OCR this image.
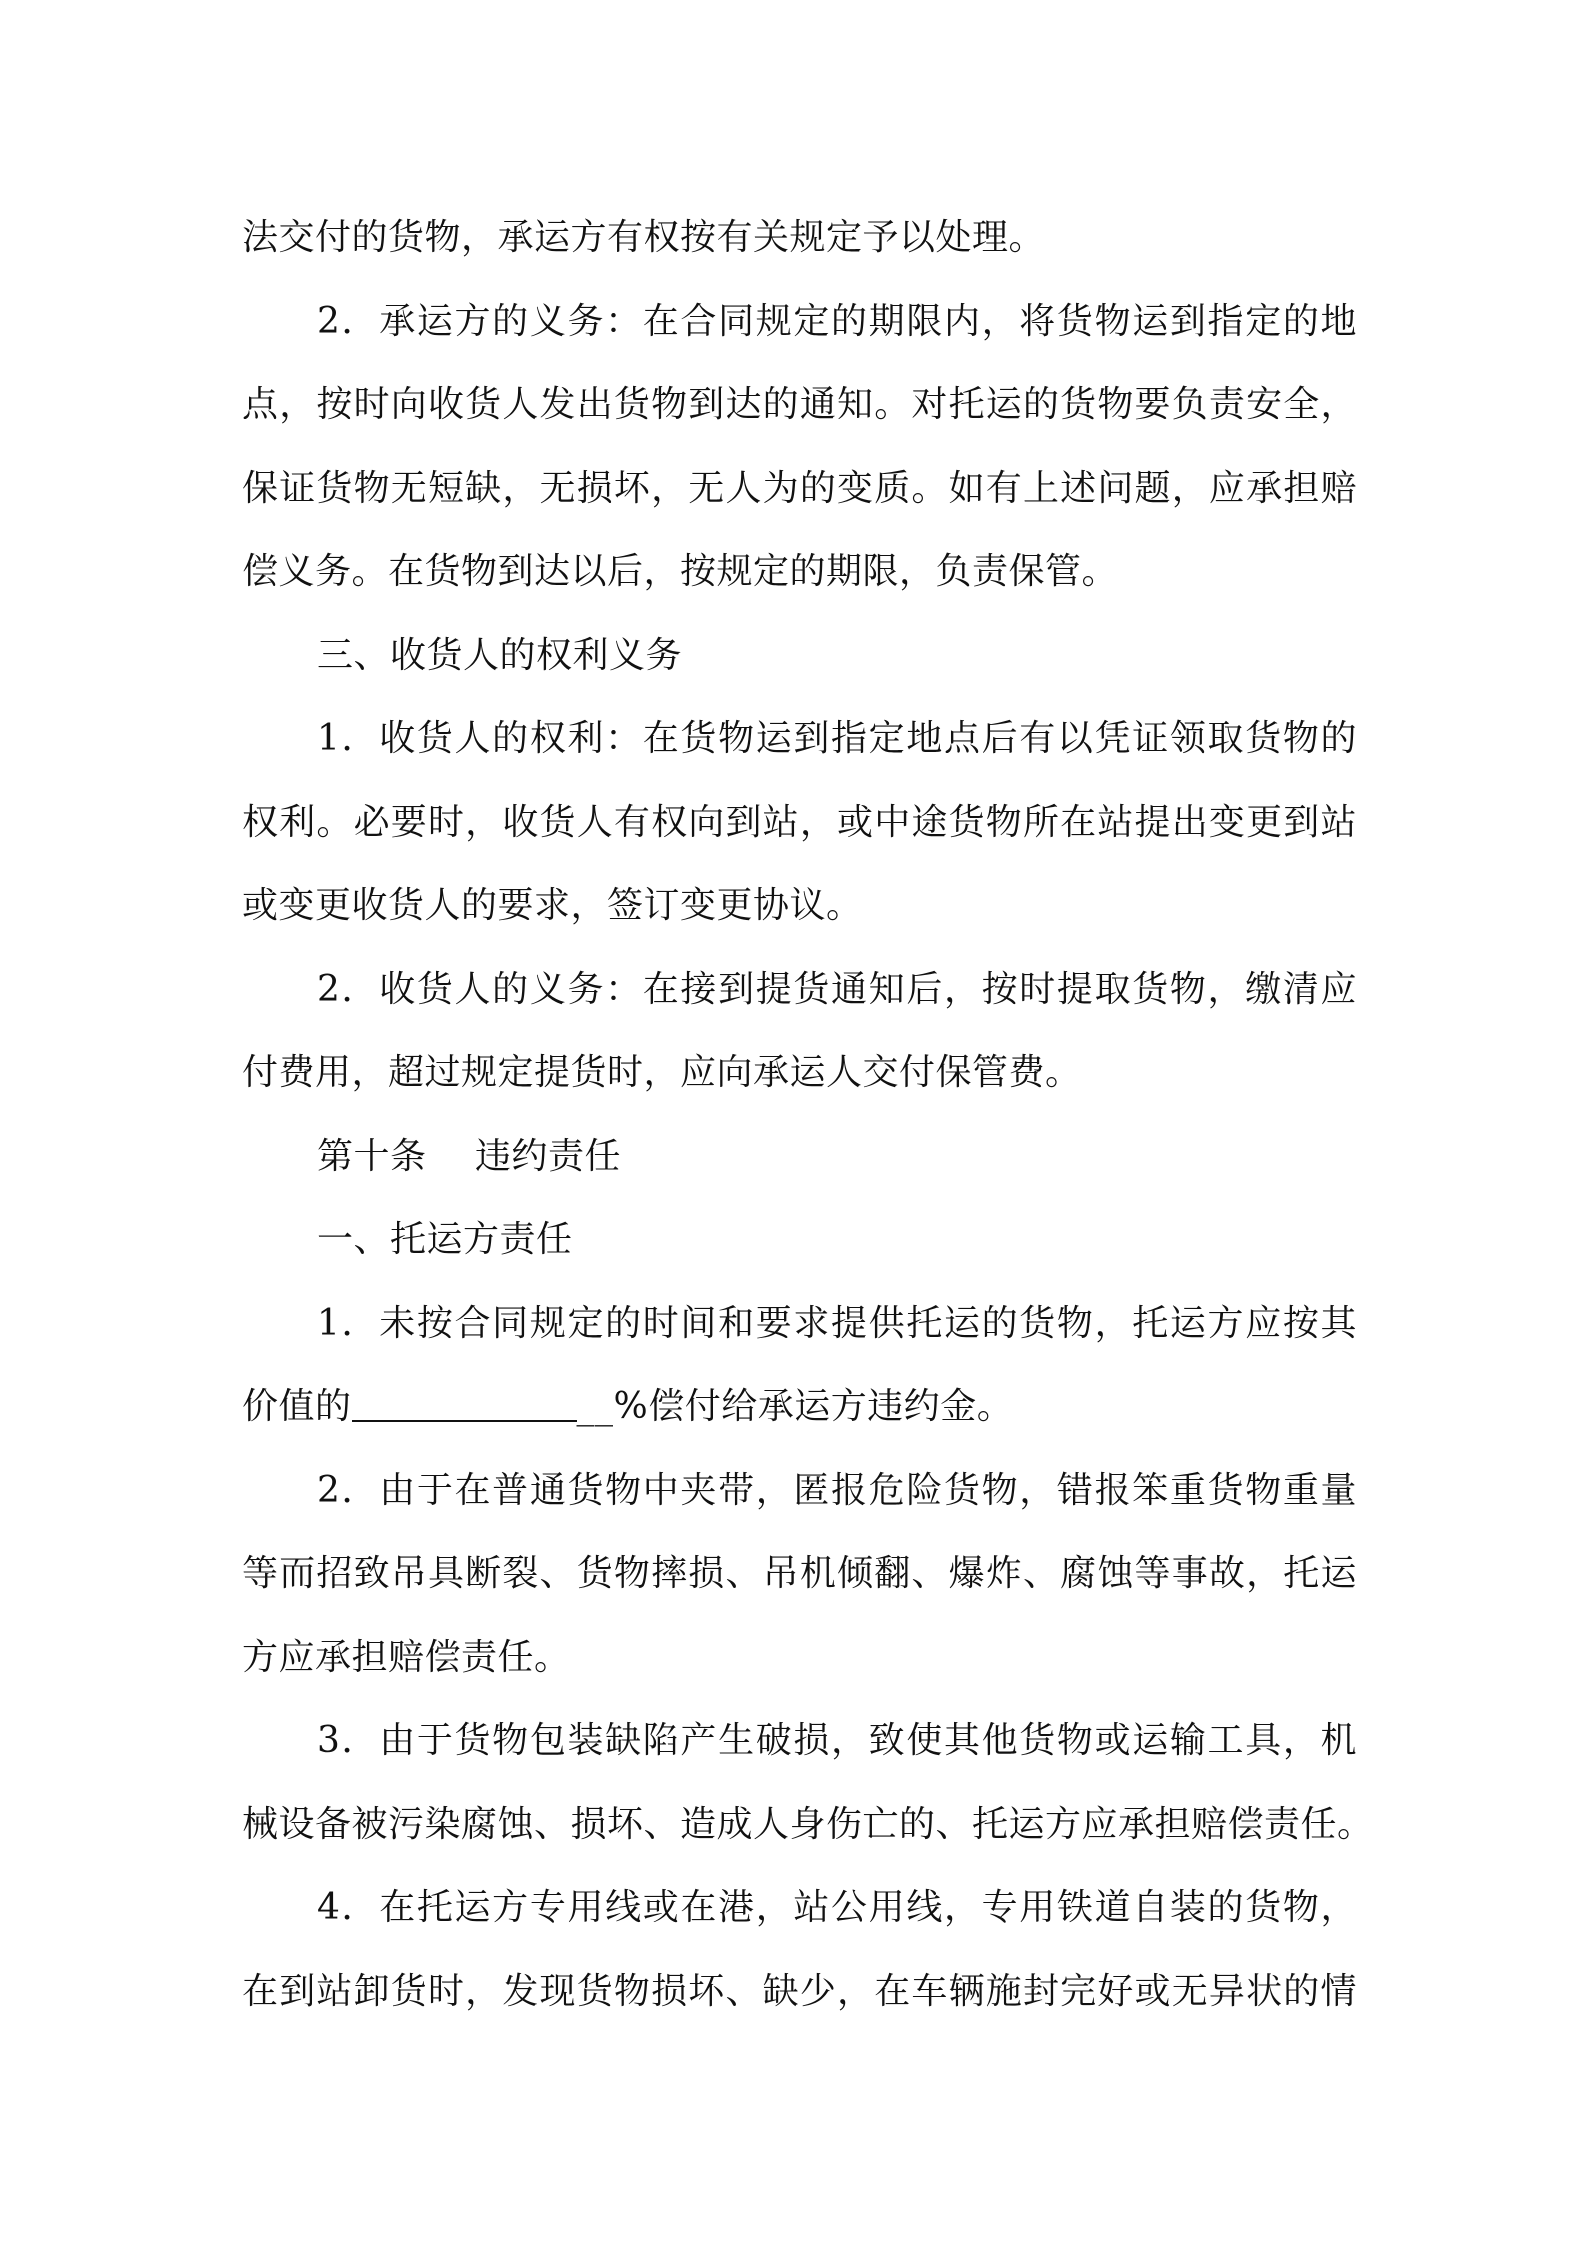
法交付的货物，承运方有权按有关规定予以处理。
2．承运方的义务：在合同规定的期限内，将货物运到指定的地
点，按时向收货人发出货物到达的通知。对托运的货物要负责安全，
保证货物无短缺，无损坏，无人为的变质。如有上述问题，应承担赔
偿义务。在货物到达以后，按规定的期限，负责保管。
三、收货人的权利义务
1．收货人的权利：在货物运到指定地点后有以凭证领取货物的
权利。必要时，收货人有权向到站，或中途货物所在站提出变更到站
或变更收货人的要求，签订变更协议。
2．收货人的义务：在接到提货通知后，按时提取货物，缴清应
付费用，超过规定提货时，应向承运人交付保管费。
第十条　 违约责任
一、托运方责任
1．未按合同规定的时间和要求提供托运的货物，托运方应按其
价值的	__%偿付给承运方违约金。
2．由于在普通货物中夹带，匿报危险货物，错报笨重货物重量
等而招致吊具断裂、货物摔损、吊机倾翻、爆炸、腐蚀等事故，托运
方应承担赔偿责任。
3．由于货物包装缺陷产生破损，致使其他货物或运输工具，机
械设备被污染腐蚀、损坏、造成人身伤亡的、托运方应承担赔偿责任。
4．在托运方专用线或在港，站公用线，专用铁道自装的货物，
在到站卸货时，发现货物损坏、缺少，在车辆施封完好或无异状的情
